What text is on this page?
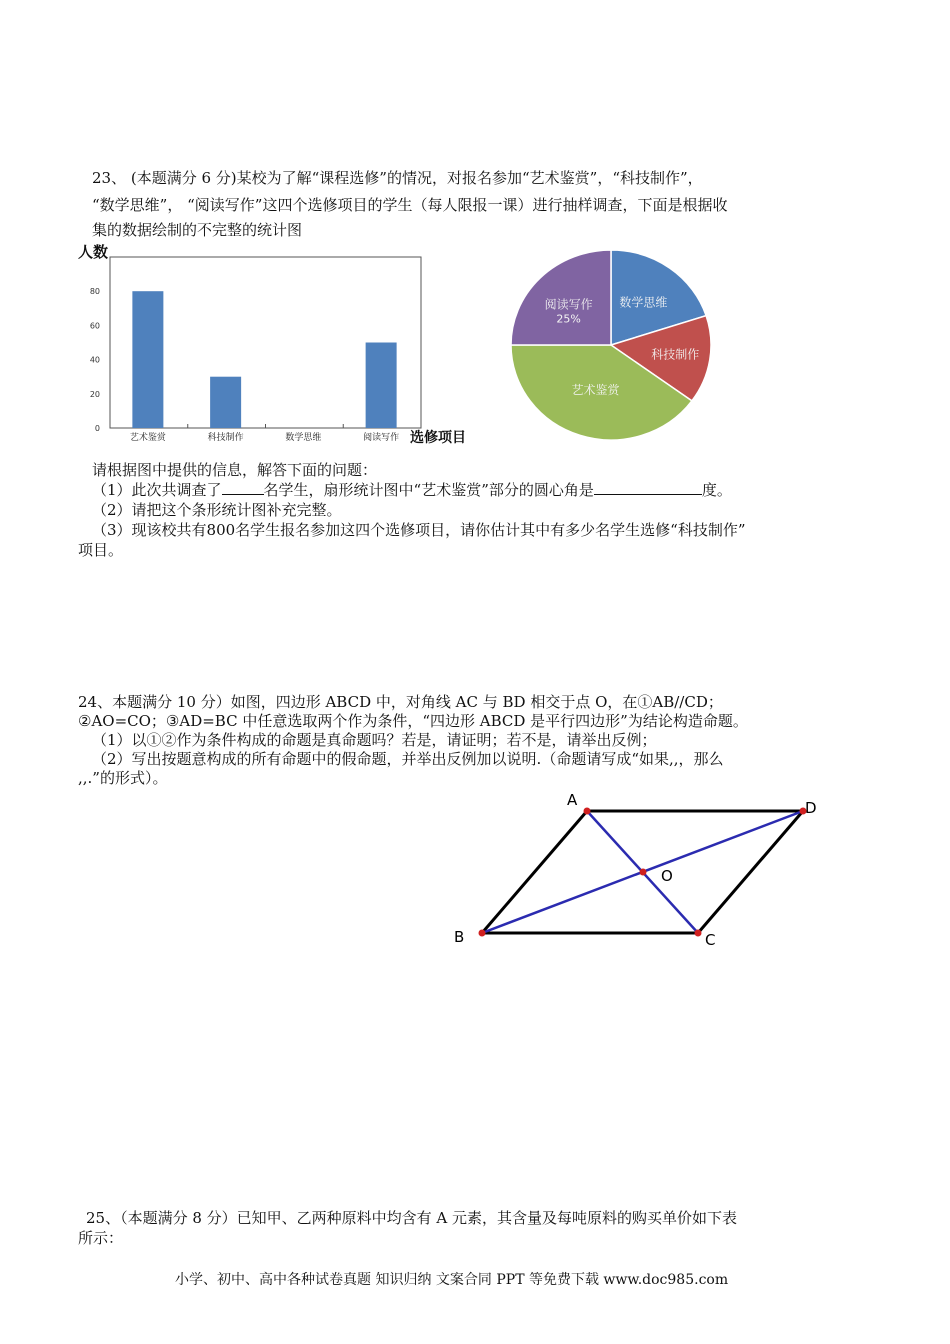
23、 (本题满分 6 分)某校为了解“课程选修”的情况，对报名参加“艺术鉴赏”，“科技制作”，
“数学思维”， “阅读写作”这四个选修项目的学生（每人限报一课）进行抽样调查，下面是根据收
集的数据绘制的不完整的统计图
0
20
40
60
80
艺术鉴赏	科技制作	数学思维	阅读写作
人数
选修项目
数学思维
科技制作
艺术鉴赏
阅读写作
25%
请根据图中提供的信息，解答下面的问题：
（1）此次共调查了	名学生，扇形统计图中“艺术鉴赏”部分的圆心角是	度。
（2）请把这个条形统计图补充完整。
（3）现该校共有800名学生报名参加这四个选修项目，请你估计其中有多少名学生选修“科技制作”
项目。
24、本题满分 10 分）如图，四边形 ABCD 中，对角线 AC 与 BD 相交于点 O，在①AB//CD；
②AO=CO；③AD=BC 中任意选取两个作为条件，“四边形 ABCD 是平行四边形”为结论构造命题。
（1）以①②作为条件构成的命题是真命题吗？若是，请证明；若不是，请举出反例；
（2）写出按题意构成的所有命题中的假命题，并举出反例加以说明.（命题请写成“如果,,，那么
,,.”的形式）。
A
B	C
D
O
25、（本题满分 8 分）已知甲、乙两种原料中均含有 A 元素，其含量及每吨原料的购买单价如下表
所示：
小学、初中、高中各种试卷真题 知识归纳 文案合同 PPT 等免费下载 www.doc985.com
